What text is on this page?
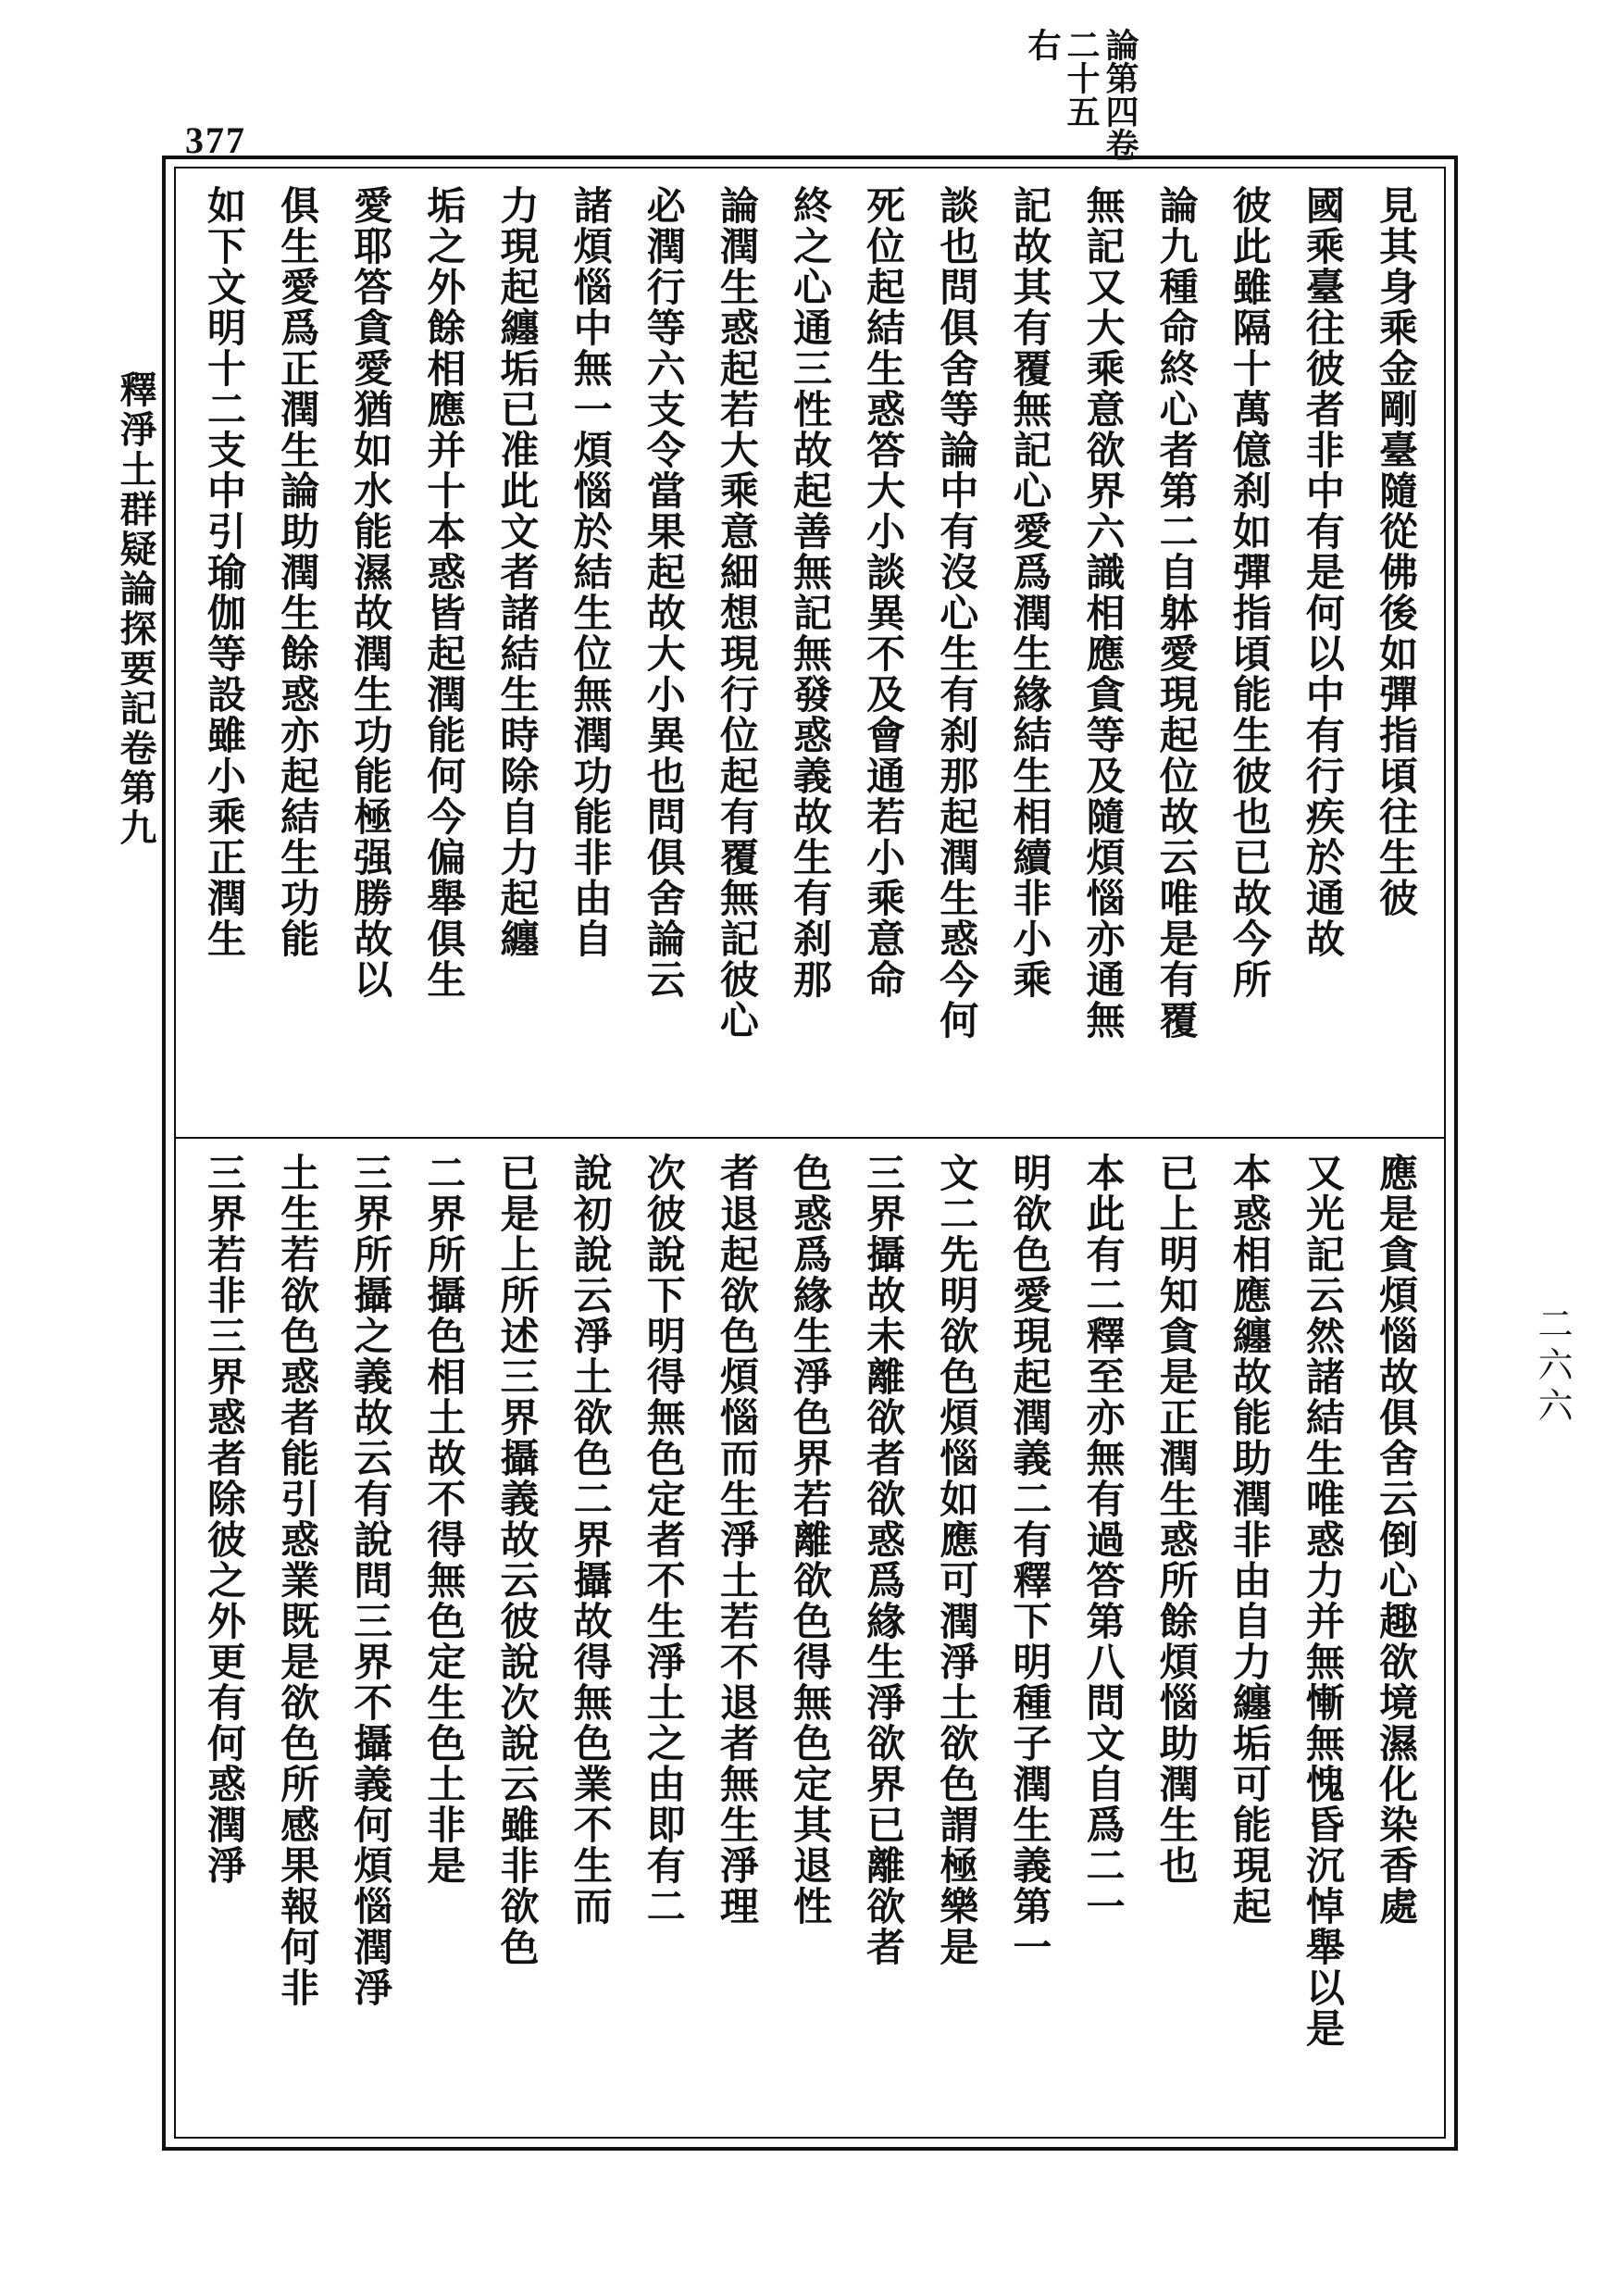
377	論第四卷
二十五
右
釋淨土群疑論探要記卷第九	見其身乘金剛臺隨從佛後如彈指頃往生彼
國乘臺往彼者非中有是何以中有行疾於通故
彼此雖隔十萬億刹如彈指頃能生彼也已故今所
論九種命終心者第二自躰愛現起位故云唯是有覆
無記又大乘意欲界六識相應貪等及隨煩惱亦通無
記故其有覆無記心愛爲潤生緣結生相續非小乘
談也問俱舍等論中有沒心生有刹那起潤生惑今何
死位起結生惑答大小談異不及會通若小乘意命
終之心通三性故起善無記無發惑義故生有刹那
論潤生惑起若大乘意細想現行位起有覆無記彼心
必潤行等六支令當果起故大小異也問俱舍論云
諸煩惱中無一煩惱於結生位無潤功能非由自
力現起纏垢已准此文者諸結生時除自力起纏
垢之外餘相應并十本惑皆起潤能何今偏舉俱生
愛耶答貪愛猶如水能濕故潤生功能極强勝故以
俱生愛爲正潤生論助潤生餘惑亦起結生功能
如下文明十二支中引瑜伽等設雖小乘正潤生
應是貪煩惱故俱舍云倒心趣欲境濕化染香處
又光記云然諸結生唯惑力并無慚無愧昏沉悼舉以是
本惑相應纏故能助潤非由自力纏垢可能現起
已上明知貪是正潤生惑所餘煩惱助潤生也
本此有二釋至亦無有過答第八問文自爲二一
明欲色愛現起潤義二有釋下明種子潤生義第一
文二先明欲色煩惱如應可潤淨土欲色謂極樂是
三界攝故未離欲者欲惑爲緣生淨欲界已離欲者
色惑爲緣生淨色界若離欲色得無色定其退性
者退起欲色煩惱而生淨土若不退者無生淨理
次彼說下明得無色定者不生淨土之由即有二
說初說云淨土欲色二界攝故得無色業不生而
已是上所述三界攝義故云彼說次說云雖非欲色
二界所攝色相土故不得無色定生色土非是
三界所攝之義故云有說問三界不攝義何煩惱潤淨
土生若欲色惑者能引惑業既是欲色所感果報何非
三界若非三界惑者除彼之外更有何惑潤淨	二六六
